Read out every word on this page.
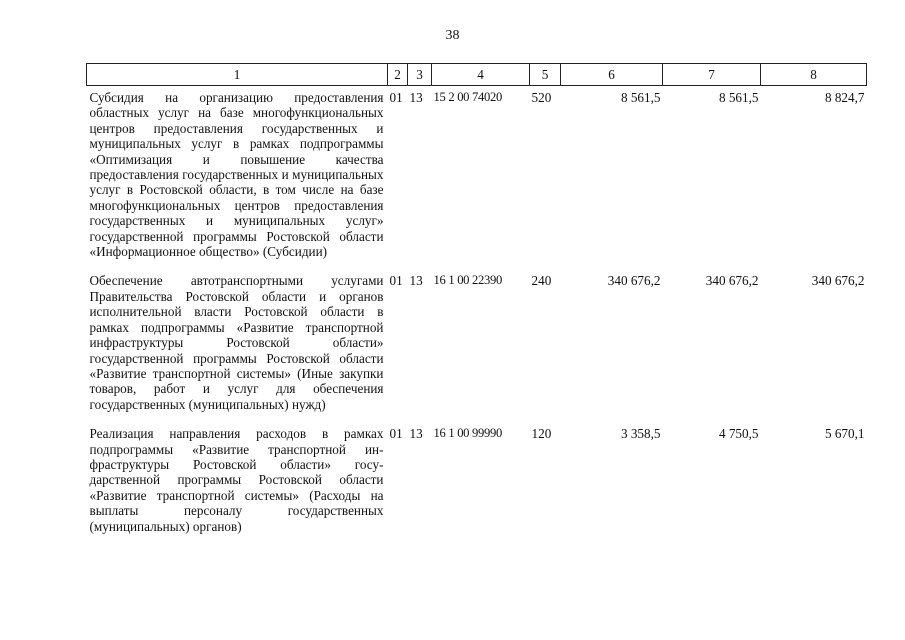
38
1	2	3	4	5	6	7	8
Субсидия на организацию предоставления областных услуг на базе многофункциональных центров предоставления государственных и муниципальных услуг в рамках подпрограммы «Оптимизация и повышение качества предоставления государственных и муниципальных услуг в Ростовской области, в том числе на базе многофункциональных центров предоставления государственных и муниципальных услуг» государственной программы Ростовской области «Информационное общество» (Субсидии)	01	13	15 2 00 74020	520	8 561,5	8 561,5	8 824,7
Обеспечение автотранспортными услугами Правительства Ростовской области и органов исполнительной власти Ростовской области в рамках подпрограммы «Развитие транспортной инфраструктуры Ростовской области» государственной программы Ростовской области «Развитие транспортной системы» (Иные закупки товаров, работ и услуг для обеспечения государственных (муниципальных) нужд)	01	13	16 1 00 22390	240	340 676,2	340 676,2	340 676,2
Реализация направления расходов в рамках подпрограммы «Развитие транспортной инфраструктуры Ростовской области» государственной программы Ростовской области «Развитие транспортной системы» (Расходы на выплаты персоналу государственных (муниципальных) органов)	01	13	16 1 00 99990	120	3 358,5	4 750,5	5 670,1
